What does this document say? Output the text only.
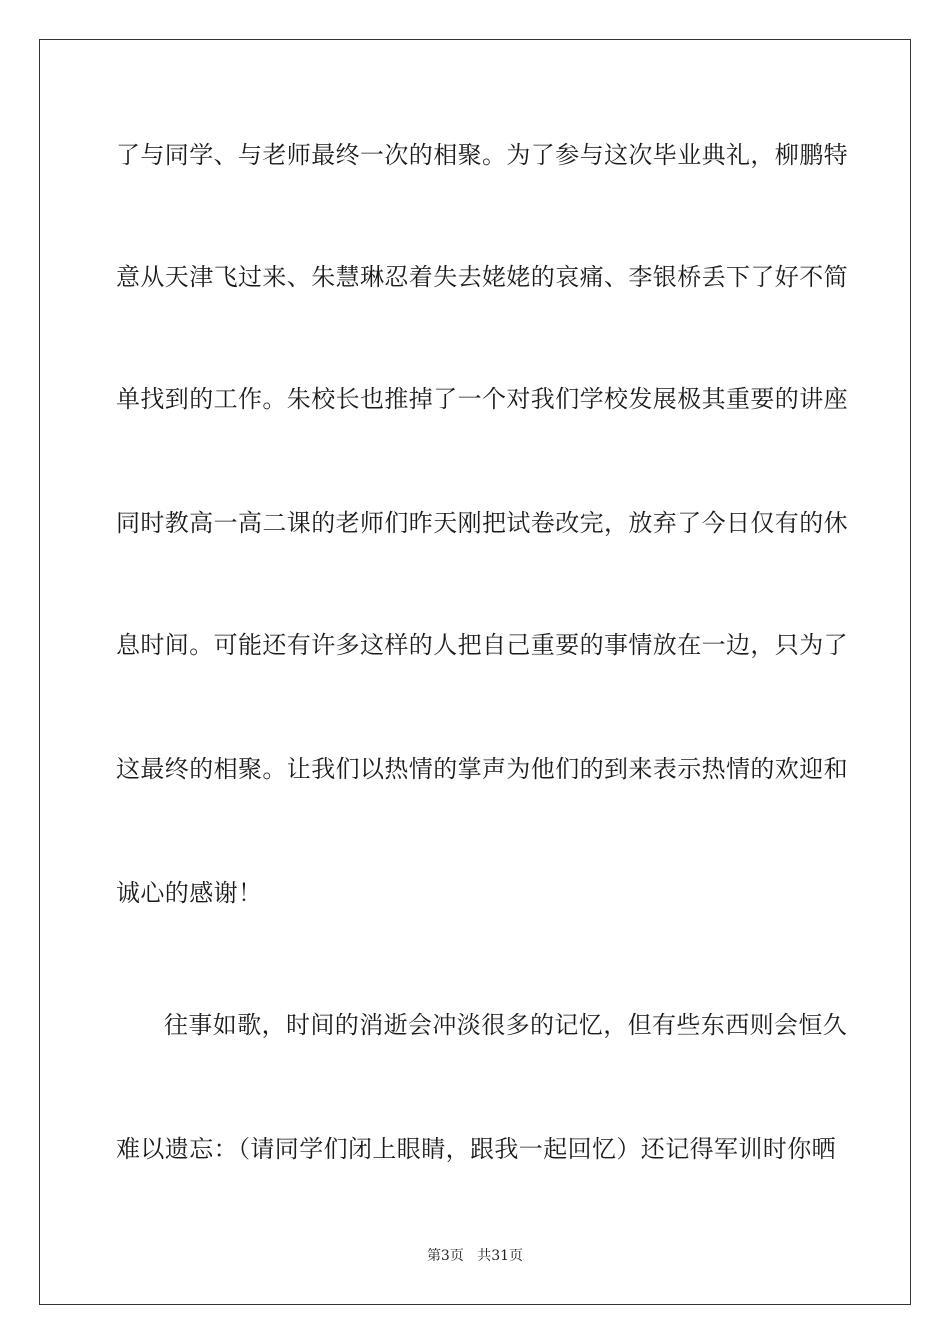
了与同学、与老师最终一次的相聚。为了参与这次毕业典礼，柳鹏特
意从天津飞过来、朱慧琳忍着失去姥姥的哀痛、李银桥丢下了好不简
单找到的工作。朱校长也推掉了一个对我们学校发展极其重要的讲座
同时教高一高二课的老师们昨天刚把试卷改完，放弃了今日仅有的休
息时间。可能还有许多这样的人把自己重要的事情放在一边，只为了
这最终的相聚。让我们以热情的掌声为他们的到来表示热情的欢迎和
诚心的感谢！
往事如歌，时间的消逝会冲淡很多的记忆，但有些东西则会恒久
难以遗忘：（请同学们闭上眼睛，跟我一起回忆）还记得军训时你晒
第3页 共31页
